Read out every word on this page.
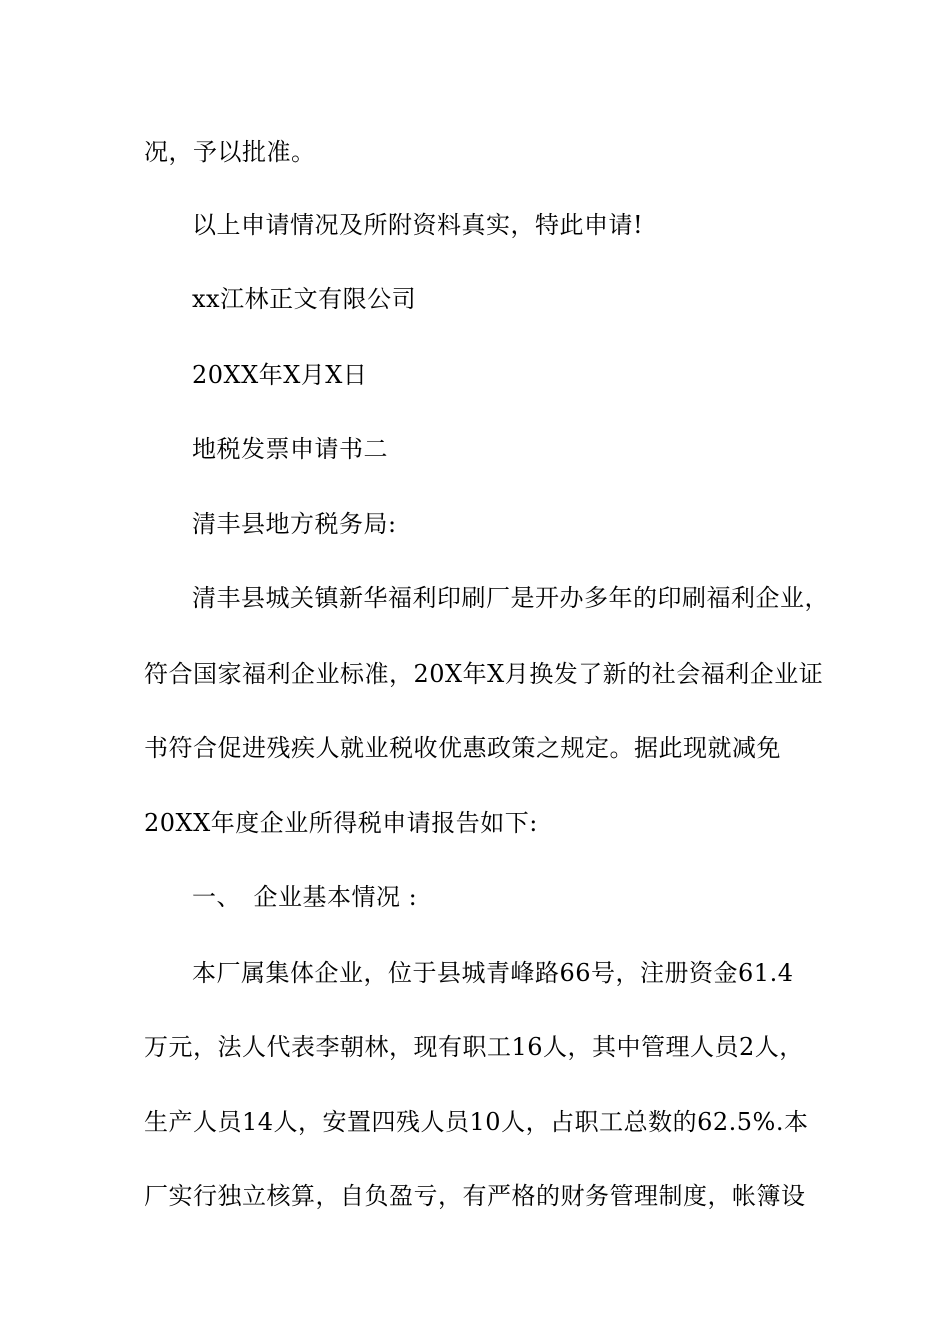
况，予以批准。
以上申请情况及所附资料真实，特此申请!
xx江林正文有限公司
20XX年X月X日
地税发票申请书二
清丰县地方税务局:
清丰县城关镇新华福利印刷厂是开办多年的印刷福利企业，
符合国家福利企业标准，20X年X月换发了新的社会福利企业证
书符合促进残疾人就业税收优惠政策之规定。据此现就减免
20XX年度企业所得税申请报告如下:
一、　企业基本情况 :
本厂属集体企业，位于县城青峰路66号，注册资金61.4
万元，法人代表李朝林，现有职工16人，其中管理人员2人，
生产人员14人，安置四残人员10人，占职工总数的62.5%.本
厂实行独立核算，自负盈亏，有严格的财务管理制度，帐簿设
